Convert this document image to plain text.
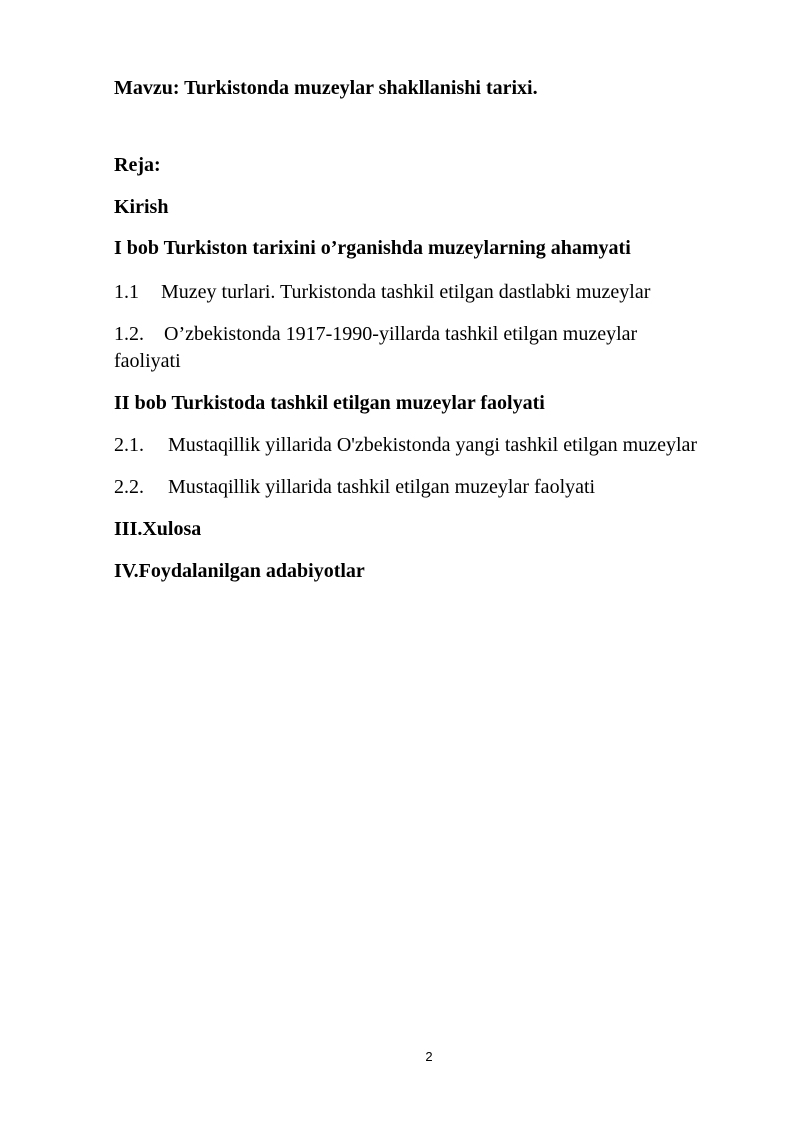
Mavzu: Turkistonda muzeylar shakllanishi tarixi.
Reja:
Kirish
I bob Turkiston tarixini o’rganishda muzeylarning ahamyati
1.1 Muzey turlari. Turkistonda tashkil etilgan dastlabki muzeylar
1.2. O’zbekistonda 1917-1990-yillarda tashkil etilgan muzeylar
faoliyati
II bob Turkistoda tashkil etilgan muzeylar faolyati
2.1. Mustaqillik yillarida O'zbekistonda yangi tashkil etilgan muzeylar
2.2. Mustaqillik yillarida tashkil etilgan muzeylar faolyati
III.Xulosa
IV.Foydalanilgan adabiyotlar
2
